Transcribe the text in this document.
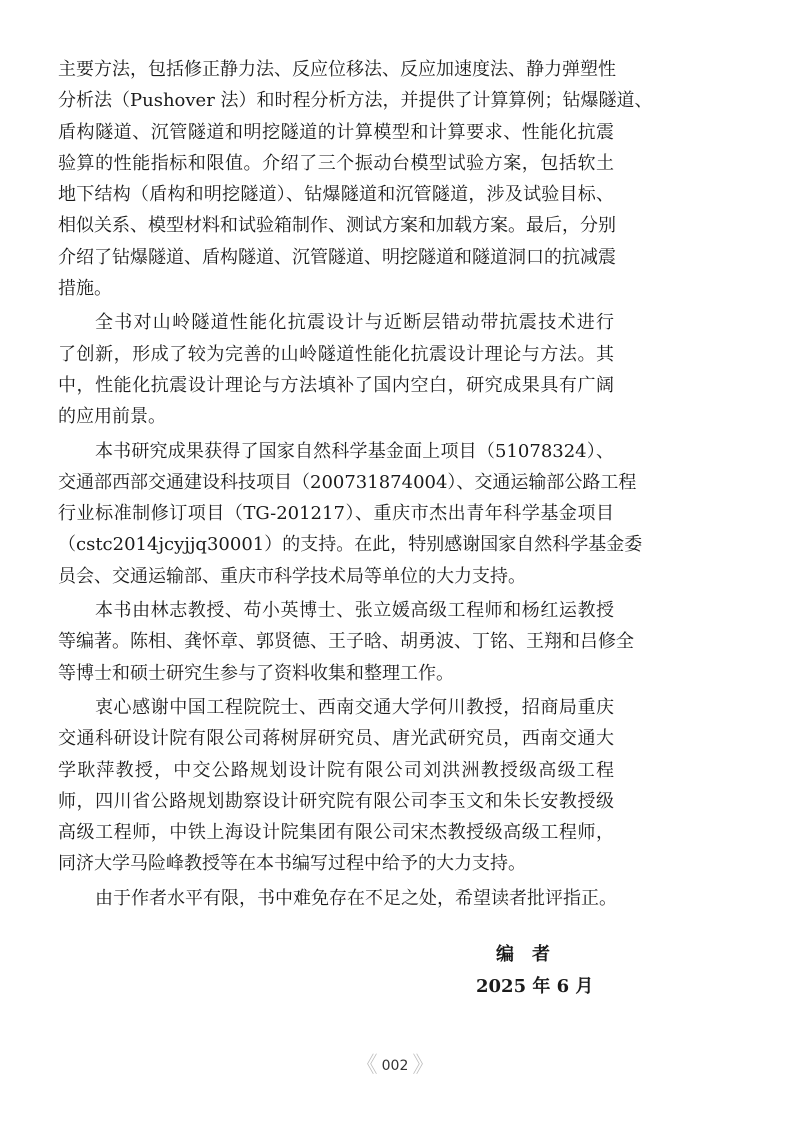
主要方法，包括修正静力法、反应位移法、反应加速度法、静力弹塑性
分析法（Pushover 法）和时程分析方法，并提供了计算算例；钻爆隧道、
盾构隧道、沉管隧道和明挖隧道的计算模型和计算要求、性能化抗震
验算的性能指标和限值。介绍了三个振动台模型试验方案，包括软土
地下结构（盾构和明挖隧道）、钻爆隧道和沉管隧道，涉及试验目标、
相似关系、模型材料和试验箱制作、测试方案和加载方案。最后，分别
介绍了钻爆隧道、盾构隧道、沉管隧道、明挖隧道和隧道洞口的抗减震
措施。
全书对山岭隧道性能化抗震设计与近断层错动带抗震技术进行
了创新，形成了较为完善的山岭隧道性能化抗震设计理论与方法。其
中，性能化抗震设计理论与方法填补了国内空白，研究成果具有广阔
的应用前景。
本书研究成果获得了国家自然科学基金面上项目（51078324）、
交通部西部交通建设科技项目（200731874004）、交通运输部公路工程
行业标准制修订项目（TG-201217）、重庆市杰出青年科学基金项目
（cstc2014jcyjjq30001）的支持。在此，特别感谢国家自然科学基金委
员会、交通运输部、重庆市科学技术局等单位的大力支持。
本书由林志教授、苟小英博士、张立媛高级工程师和杨红运教授
等编著。陈相、龚怀章、郭贤德、王子晗、胡勇波、丁铭、王翔和吕修全
等博士和硕士研究生参与了资料收集和整理工作。
衷心感谢中国工程院院士、西南交通大学何川教授，招商局重庆
交通科研设计院有限公司蒋树屏研究员、唐光武研究员，西南交通大
学耿萍教授，中交公路规划设计院有限公司刘洪洲教授级高级工程
师，四川省公路规划勘察设计研究院有限公司李玉文和朱长安教授级
高级工程师，中铁上海设计院集团有限公司宋杰教授级高级工程师，
同济大学马险峰教授等在本书编写过程中给予的大力支持。
由于作者水平有限，书中难免存在不足之处，希望读者批评指正。
编者
2025 年 6 月
《 002 》
